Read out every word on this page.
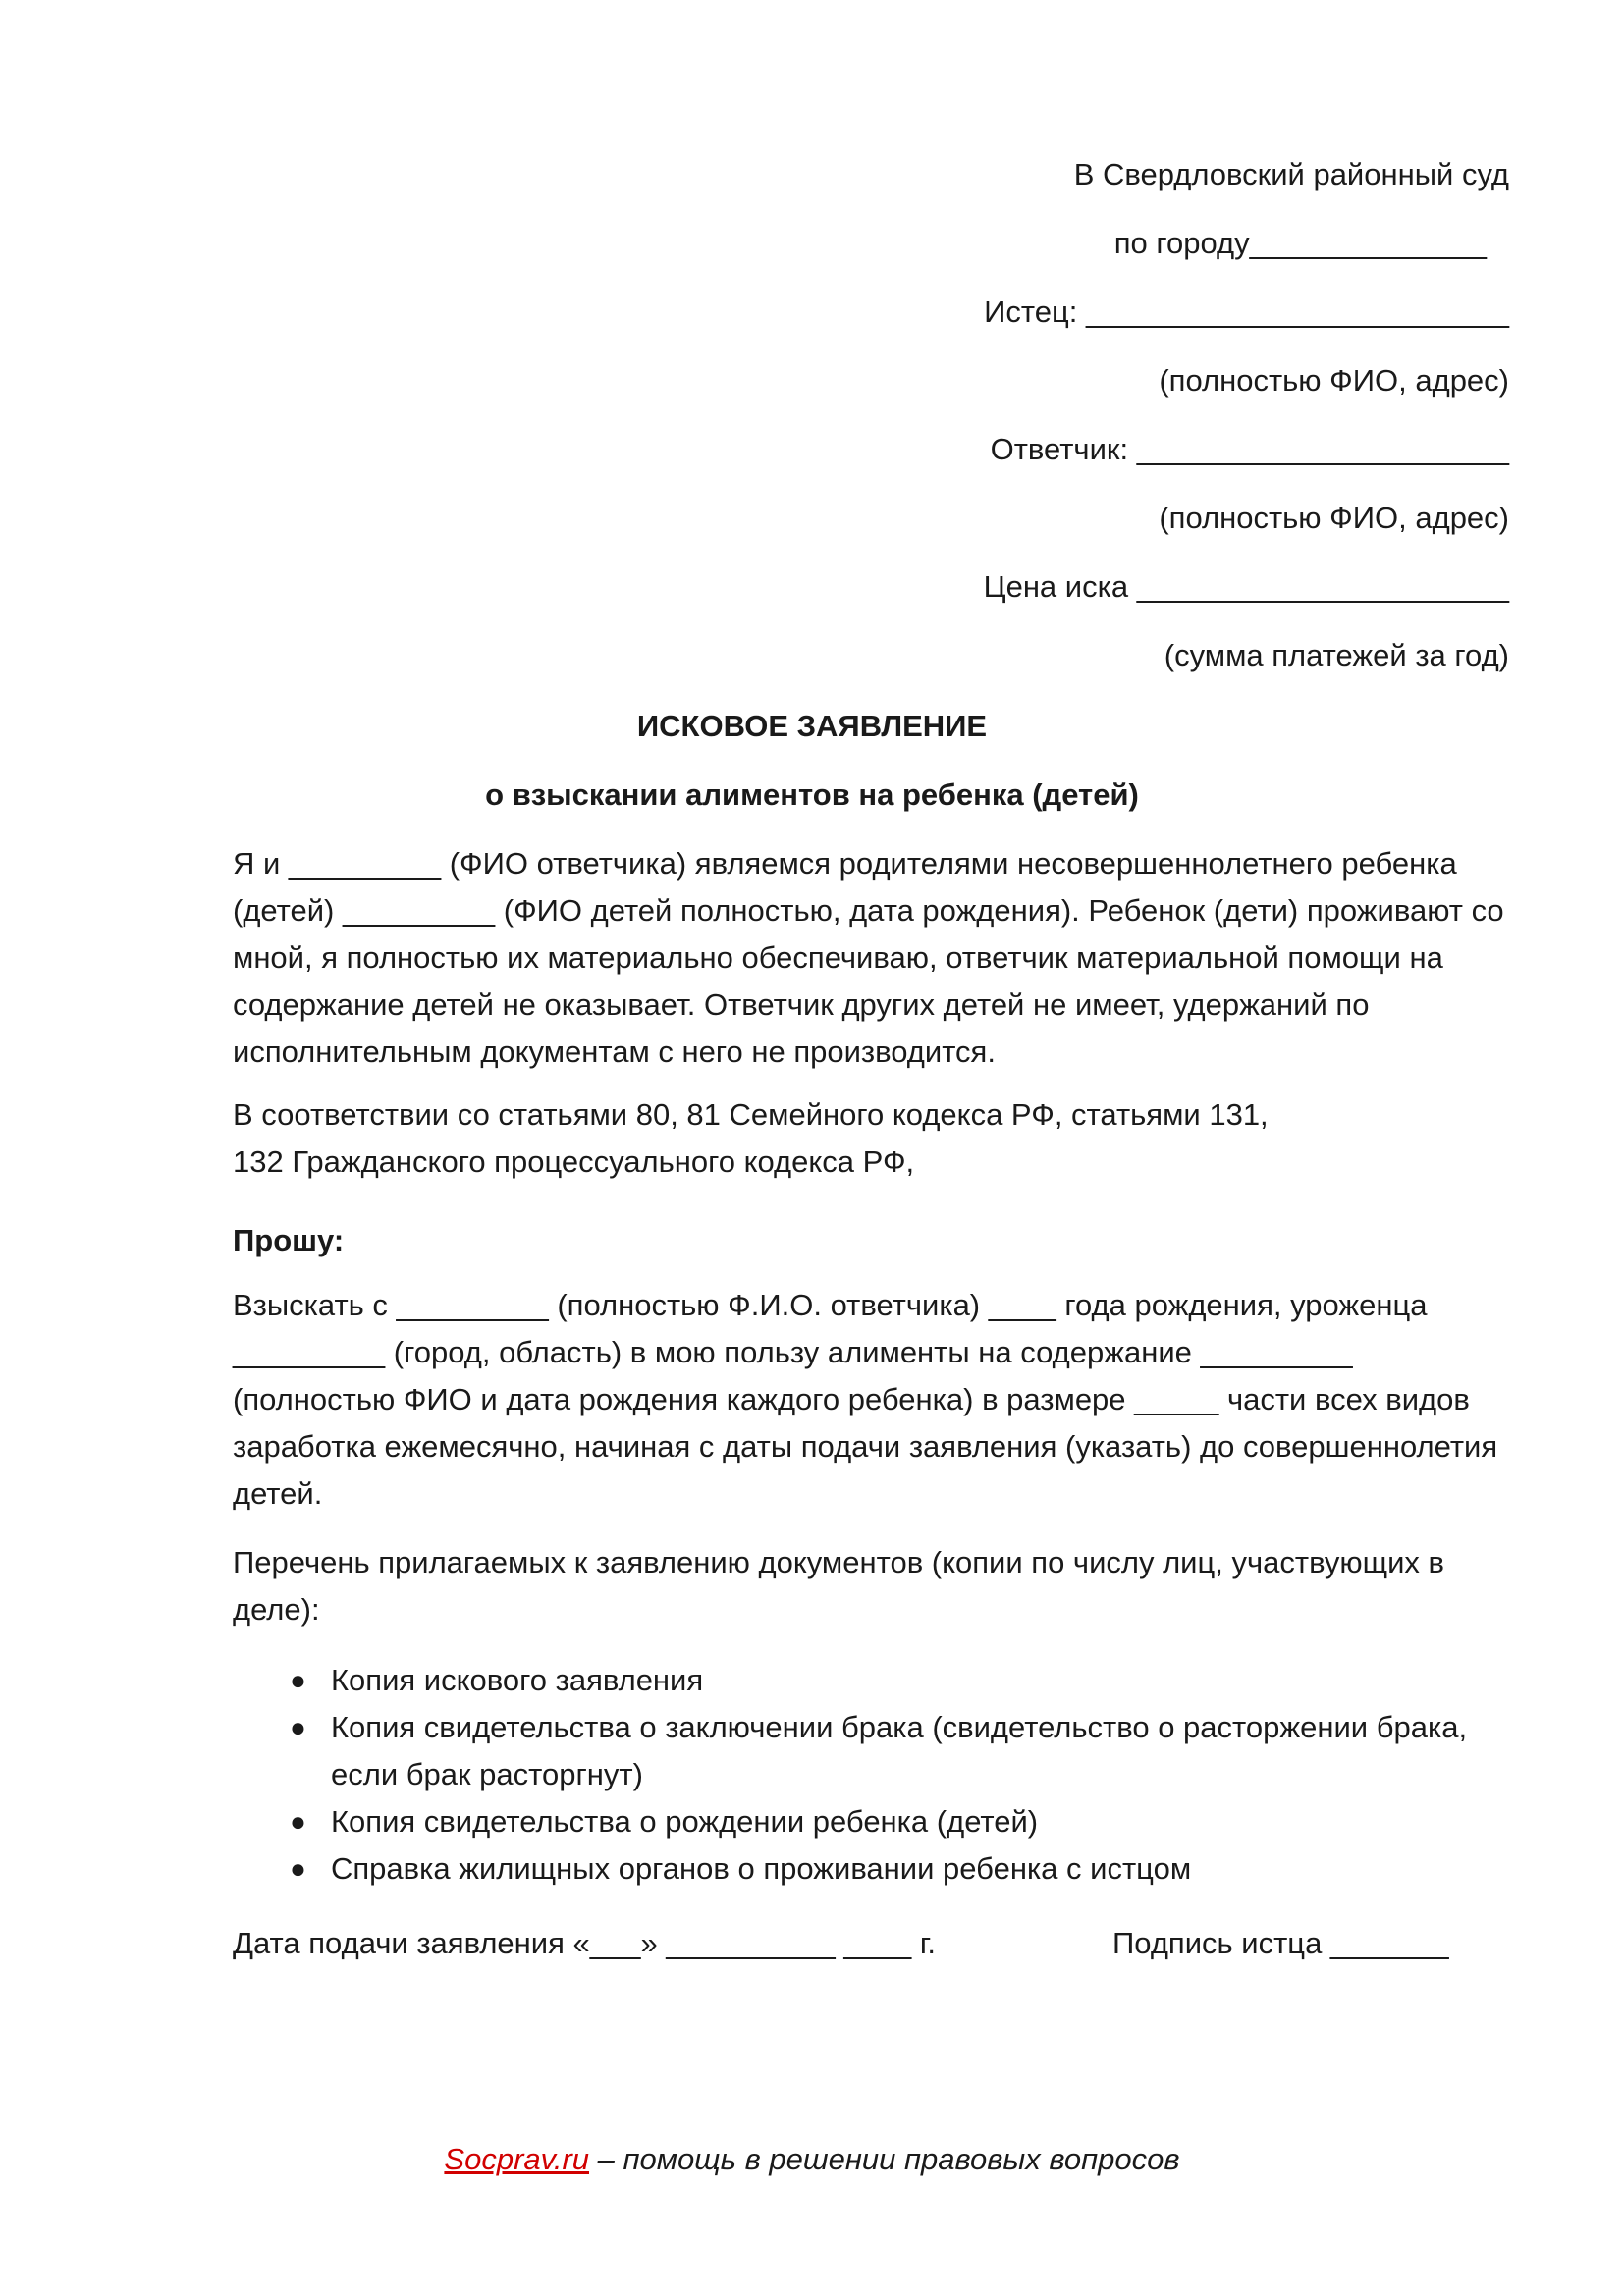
В Свердловский районный суд
по городу______________
Истец: _________________________
(полностью ФИО, адрес)
Ответчик: ______________________
(полностью ФИО, адрес)
Цена иска ______________________
(сумма платежей за год)
ИСКОВОЕ ЗАЯВЛЕНИЕ
о взыскании алиментов на ребенка (детей)
Я и _________ (ФИО ответчика) являемся родителями несовершеннолетнего ребенка (детей) _________ (ФИО детей полностью, дата рождения). Ребенок (дети) проживают со мной, я полностью их материально обеспечиваю, ответчик материальной помощи на содержание детей не оказывает. Ответчик других детей не имеет, удержаний по исполнительным документам с него не производится.
В соответствии со статьями 80, 81 Семейного кодекса РФ, статьями 131,
132 Гражданского процессуального кодекса РФ,
Прошу:
Взыскать с _________ (полностью Ф.И.О. ответчика) ____ года рождения, уроженца _________ (город, область) в мою пользу алименты на содержание _________ (полностью ФИО и дата рождения каждого ребенка) в размере _____ части всех видов заработка ежемесячно, начиная с даты подачи заявления (указать) до совершеннолетия детей.
Перечень прилагаемых к заявлению документов (копии по числу лиц, участвующих в деле):
● Копия искового заявления
● Копия свидетельства о заключении брака (свидетельство о расторжении брака, если брак расторгнут)
● Копия свидетельства о рождении ребенка (детей)
● Справка жилищных органов о проживании ребенка с истцом
Дата подачи заявления «___» __________ ____ г.	Подпись истца _______
Socprav.ru – помощь в решении правовых вопросов
